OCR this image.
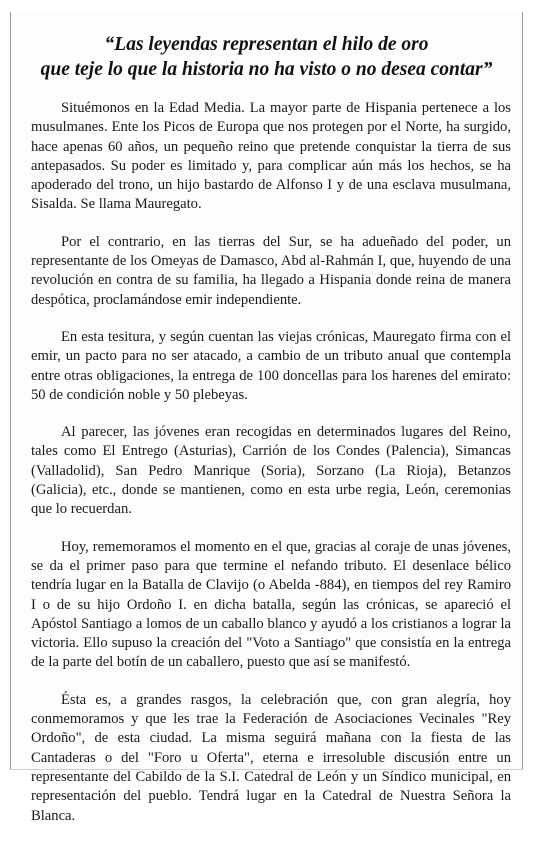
“Las leyendas representan el hilo de oro
que teje lo que la historia no ha visto o no desea contar”

Situémonos en la Edad Media. La mayor parte de Hispania pertenece a los musulmanes. Ente los Picos de Europa que nos protegen por el Norte, ha surgido, hace apenas 60 años, un pequeño reino que pretende conquistar la tierra de sus antepasados. Su poder es limitado y, para complicar aún más los hechos, se ha apoderado del trono, un hijo bastardo de Alfonso I y de una esclava musulmana, Sisalda. Se llama Mauregato.

Por el contrario, en las tierras del Sur, se ha adueñado del poder, un representante de los Omeyas de Damasco, Abd al-Rahmán I, que, huyendo de una revolución en contra de su familia, ha llegado a Hispania donde reina de manera despótica, proclamándose emir independiente.

En esta tesitura, y según cuentan las viejas crónicas, Mauregato firma con el emir, un pacto para no ser atacado, a cambio de un tributo anual que contempla entre otras obligaciones, la entrega de 100 doncellas para los harenes del emirato: 50 de condición noble y 50 plebeyas.

Al parecer, las jóvenes eran recogidas en determinados lugares del Reino, tales como El Entrego (Asturias), Carrión de los Condes (Palencia), Simancas (Valladolid), San Pedro Manrique (Soria), Sorzano (La Rioja), Betanzos (Galicia), etc., donde se mantienen, como en esta urbe regia, León, ceremonias que lo recuerdan.

Hoy, rememoramos el momento en el que, gracias al coraje de unas jóvenes, se da el primer paso para que termine el nefando tributo. El desenlace bélico tendría lugar en la Batalla de Clavijo (o Abelda -884), en tiempos del rey Ramiro I o de su hijo Ordoño I. en dicha batalla, según las crónicas, se apareció el Apóstol Santiago a lomos de un caballo blanco y ayudó a los cristianos a lograr la victoria. Ello supuso la creación del "Voto a Santiago" que consistía en la entrega de la parte del botín de un caballero, puesto que así se manifestó.

Ésta es, a grandes rasgos, la celebración que, con gran alegría, hoy conmemoramos y que les trae la Federación de Asociaciones Vecinales "Rey Ordoño", de esta ciudad. La misma seguirá mañana con la fiesta de las Cantaderas o del "Foro u Oferta", eterna e irresoluble discusión entre un representante del Cabildo de la S.I. Catedral de León y un Síndico municipal, en representación del pueblo. Tendrá lugar en la Catedral de Nuestra Señora la Blanca.
